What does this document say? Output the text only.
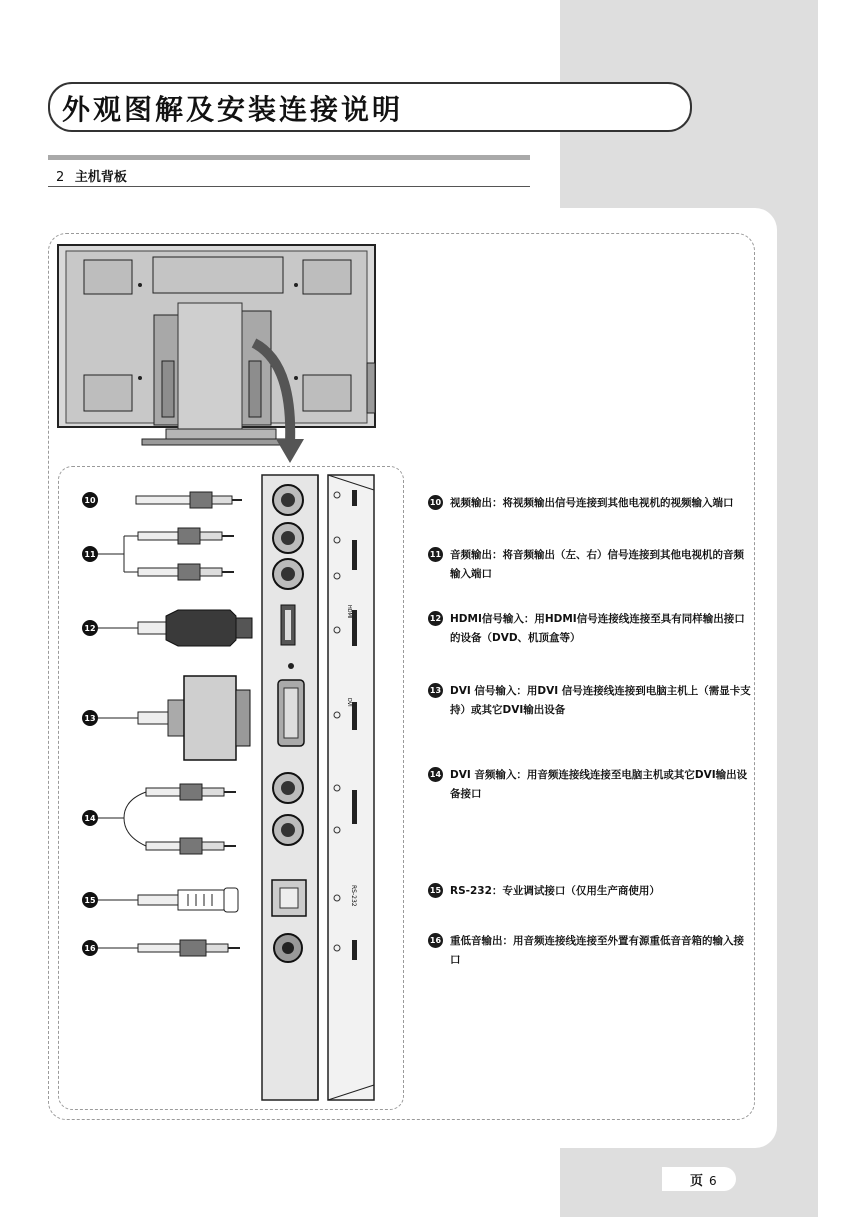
外观图解及安装连接说明
2 主机背板
RS-232
HDMI
DVI
10
11
12
13
14
15
16
10 视频输出：将视频输出信号连接到其他电视机的视频输入端口
11 音频输出：将音频输出（左、右）信号连接到其他电视机的音频输入端口
12 HDMI信号输入：用HDMI信号连接线连接至具有同样输出接口的设备（DVD、机顶盒等）
13 DVI 信号输入：用DVI 信号连接线连接到电脑主机上（需显卡支持）或其它DVI输出设备
14 DVI 音频输入：用音频连接线连接至电脑主机或其它DVI输出设备接口
15 RS-232：专业调试接口（仅用生产商使用）
16 重低音输出：用音频连接线连接至外置有源重低音音箱的输入接口
页 6
